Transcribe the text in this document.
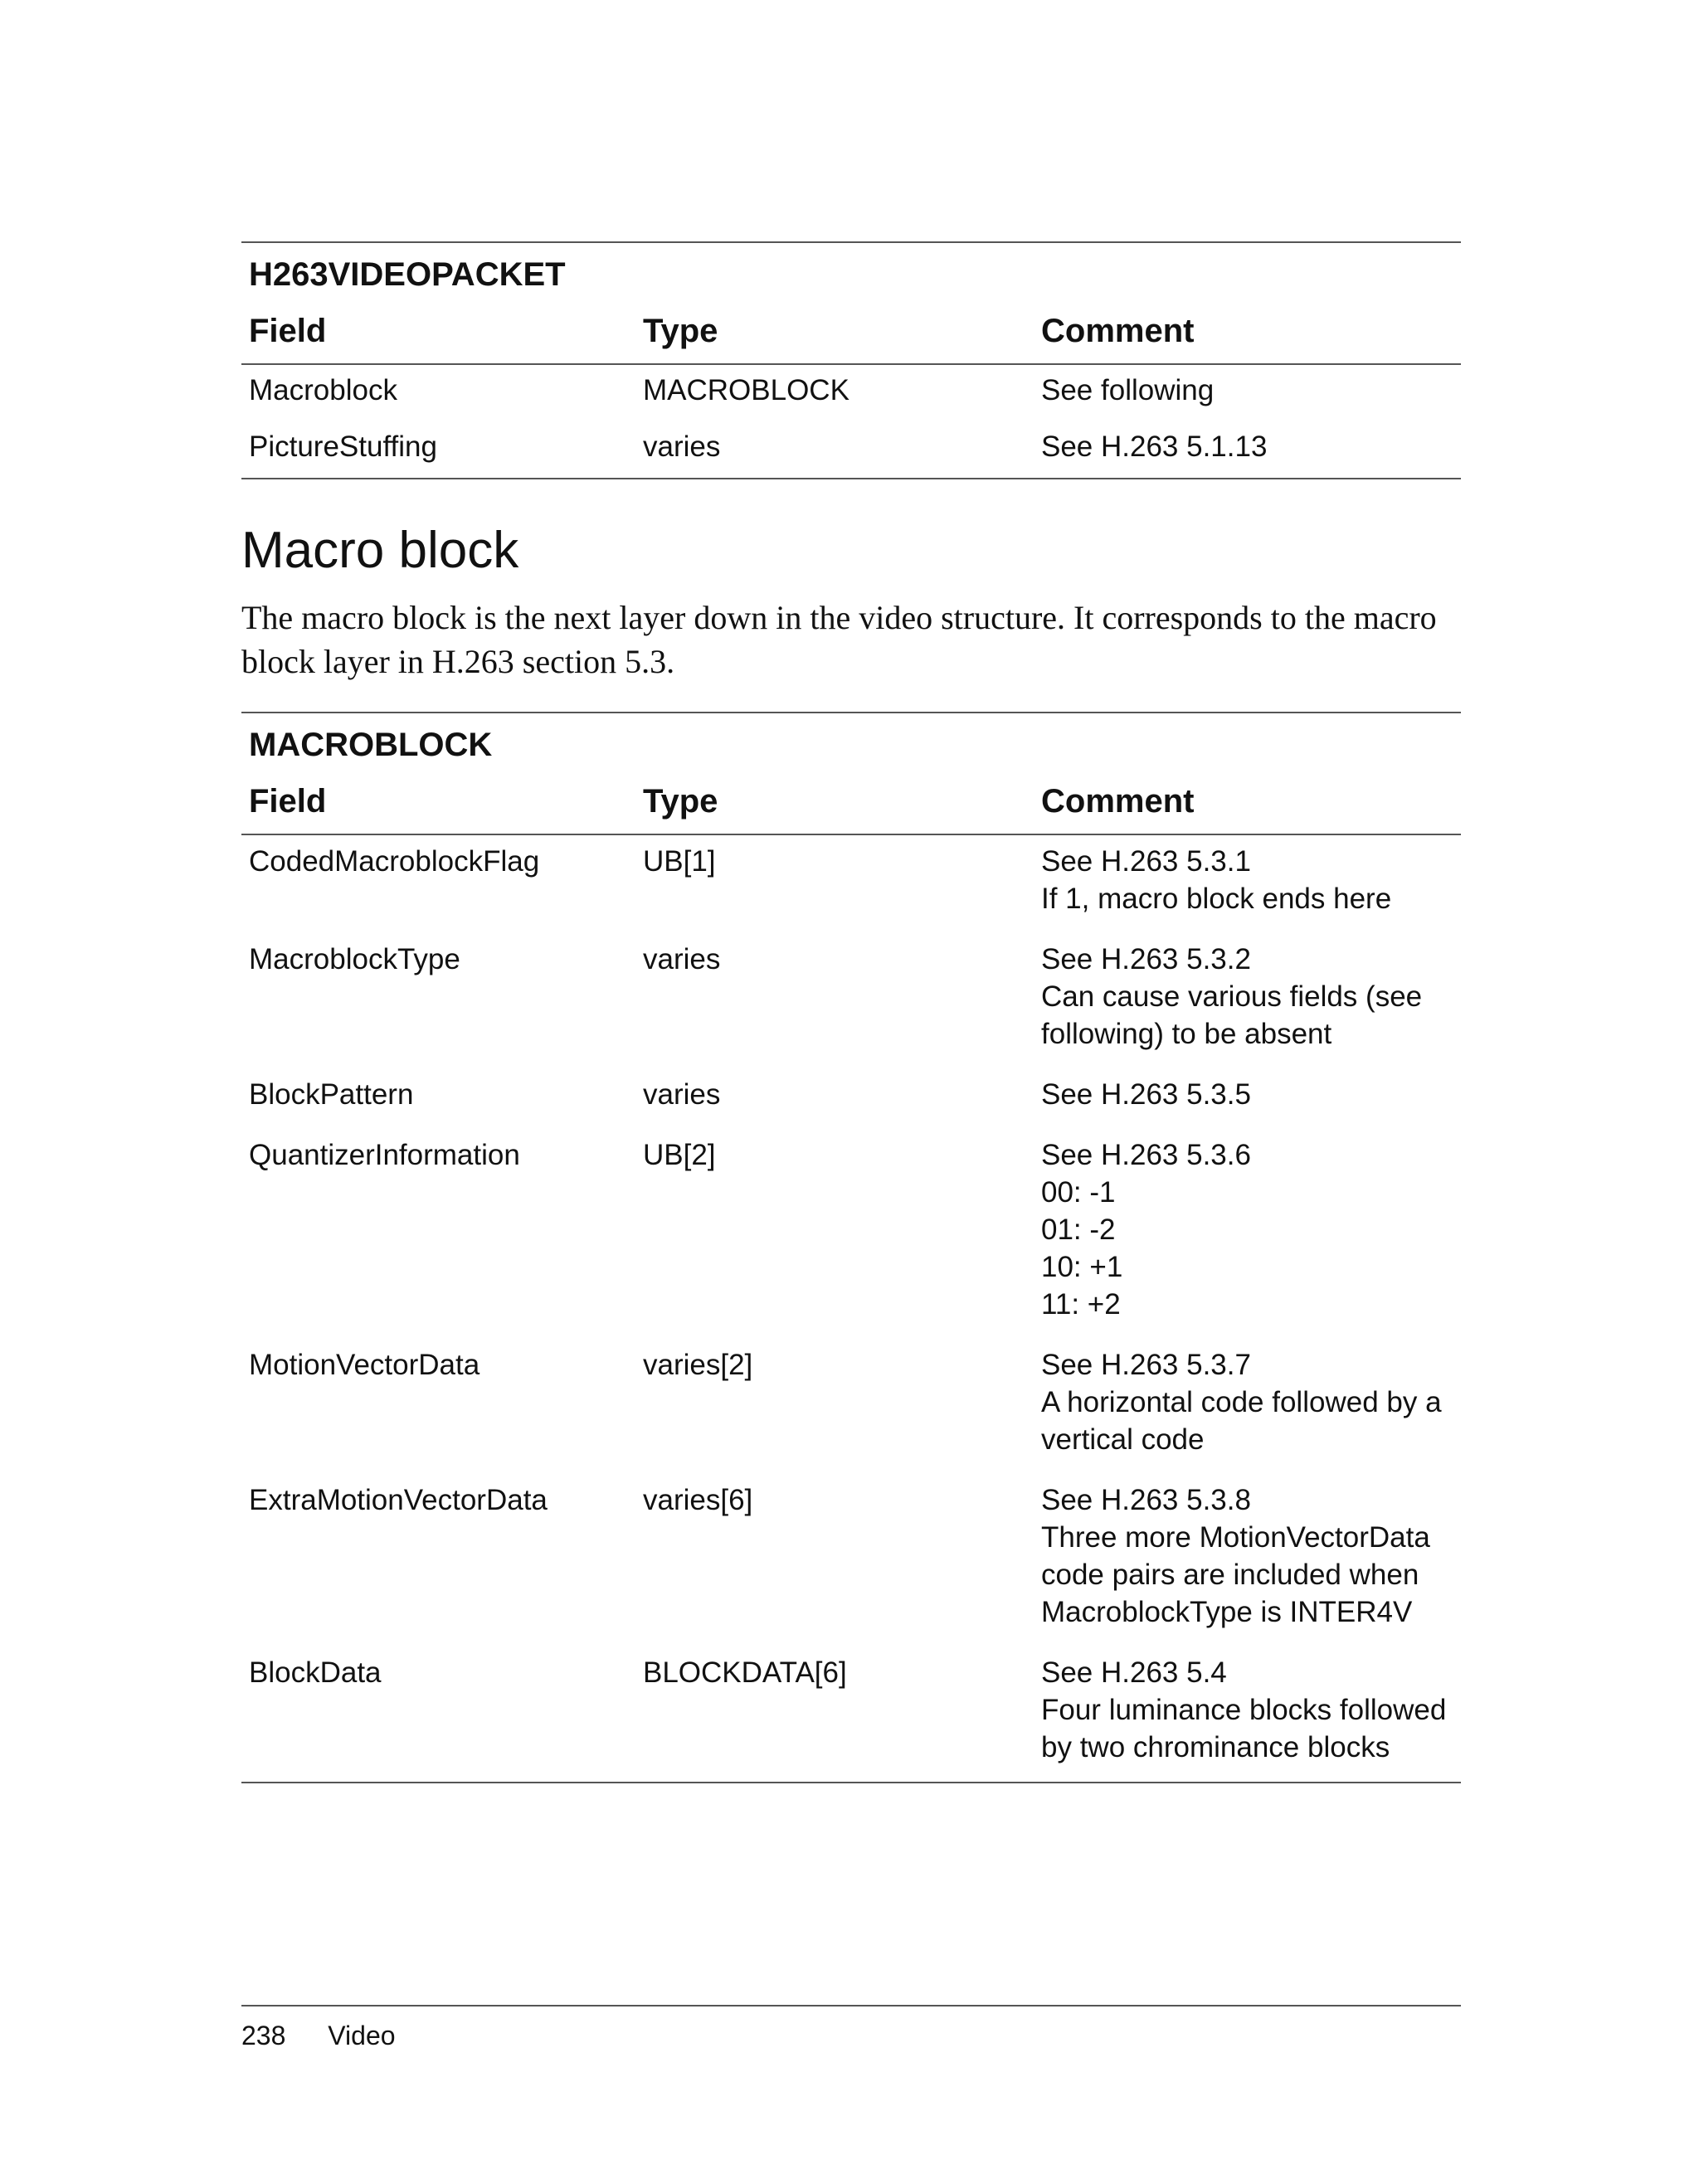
H263VIDEOPACKET
Field	Type	Comment
Macroblock	MACROBLOCK	See following
PictureStuffing	varies	See H.263 5.1.13
Macro block

The macro block is the next layer down in the video structure. It corresponds to the macro block layer in H.263 section 5.3.

MACROBLOCK
Field	Type	Comment
CodedMacroblockFlag	UB[1]	See H.263 5.3.1
If 1, macro block ends here
MacroblockType	varies	See H.263 5.3.2
Can cause various fields (see
following) to be absent
BlockPattern	varies	See H.263 5.3.5
QuantizerInformation	UB[2]	See H.263 5.3.6
00: -1
01: -2
10: +1
11: +2
MotionVectorData	varies[2]	See H.263 5.3.7
A horizontal code followed by a
vertical code
ExtraMotionVectorData	varies[6]	See H.263 5.3.8
Three more MotionVectorData
code pairs are included when
MacroblockType is INTER4V
BlockData	BLOCKDATA[6]	See H.263 5.4
Four luminance blocks followed
by two chrominance blocks
238 Video
